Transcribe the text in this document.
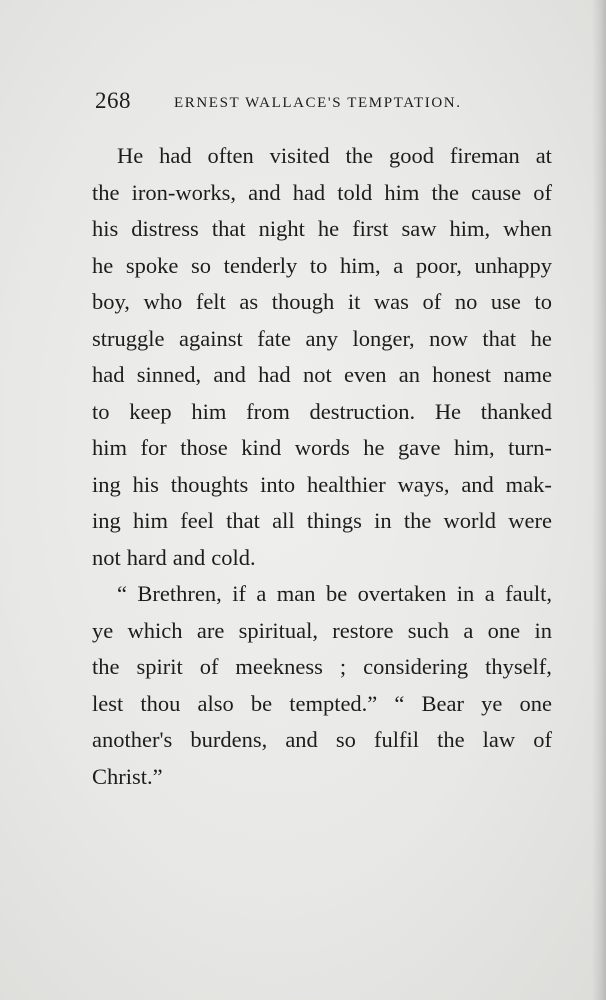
268	ERNEST WALLACE'S TEMPTATION.
He had often visited the good fireman at
the iron-works, and had told him the cause of
his distress that night he first saw him, when
he spoke so tenderly to him, a poor, unhappy
boy, who felt as though it was of no use to
struggle against fate any longer, now that he
had sinned, and had not even an honest name
to keep him from destruction. He thanked
him for those kind words he gave him, turn-
ing his thoughts into healthier ways, and mak-
ing him feel that all things in the world were
not hard and cold.
“ Brethren, if a man be overtaken in a fault,
ye which are spiritual, restore such a one in
the spirit of meekness ; considering thyself,
lest thou also be tempted.” “ Bear ye one
another's burdens, and so fulfil the law of
Christ.”
